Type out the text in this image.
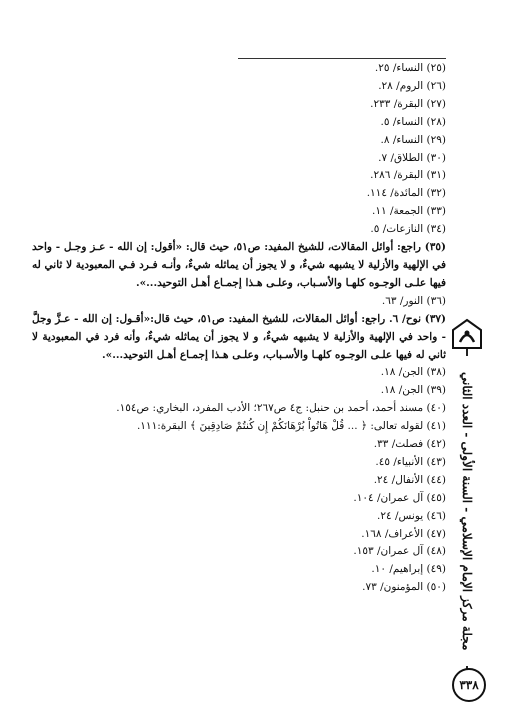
(٢٥) النساء/ ٢٥.
(٢٦) الروم/ ٢٨.
(٢٧) البقرة/ ٢٣٣.
(٢٨) النساء/ ٥.
(٢٩) النساء/ ٨.
(٣٠) الطلاق/ ٧.
(٣١) البقرة/ ٢٨٦.
(٣٢) المائدة/ ١١٤.
(٣٣) الجمعة/ ١١.
(٣٤) النازعات/ ٥.
(٣٥) راجع: أوائل المقالات، للشيخ المفيد: ص٥١، حيث قال: «أقول: إن الله - عـز وجـل - واحد في الإلهية والأزلية لا يشبهه شيءٌ، و لا يجوز أن يماثله شيءٌ، وأنـه فـرد فـي المعبودية لا ثاني له فيها علـى الوجـوه كلهـا والأسـباب، وعلـى هـذا إجمـاع أهـل التوحيد...».
(٣٦) النور/ ٦٣.
(٣٧) نوح/ ٦. راجع: أوائل المقالات، للشيخ المفيد: ص٥١، حيث قال:«أقـول: إن الله - عـزَّ وجلَّ - واحد في الإلهية والأزلية لا يشبهه شيءٌ، و لا يجوز أن يماثله شيءٌ، وأنه فرد في المعبودية لا ثاني له فيها علـى الوجـوه كلهـا والأسـباب، وعلـى هـذا إجمـاع أهـل التوحيد...».
(٣٨) الجن/ ١٨.
(٣٩) الجن/ ١٨.
(٤٠) مسند أحمد، أحمد بن حنبل: ج٤ ص٢٦٧؛ الأدب المفرد، البخاري: ص١٥٤.
(٤١) لقوله تعالى: ﴿ ... قُلْ هَاتُواْ بُرْهَانَكُمْ إِن كُنتُمْ صَادِقِينَ ﴾ البقرة:١١١.
(٤٢) فصلت/ ٣٣.
(٤٣) الأنبياء/ ٤٥.
(٤٤) الأنفال/ ٢٤.
(٤٥) آل عمران/ ١٠٤.
(٤٦) يونس/ ٢٤.
(٤٧) الأعراف/ ١٦٨.
(٤٨) آل عمران/ ١٥٣.
(٤٩) إبراهيم/ ١٠.
(٥٠) المؤمنون/ ٧٣.	مجلة مركز الإمام الإسلامي - السنة الأولى - العدد الثاني
٣٣٨
